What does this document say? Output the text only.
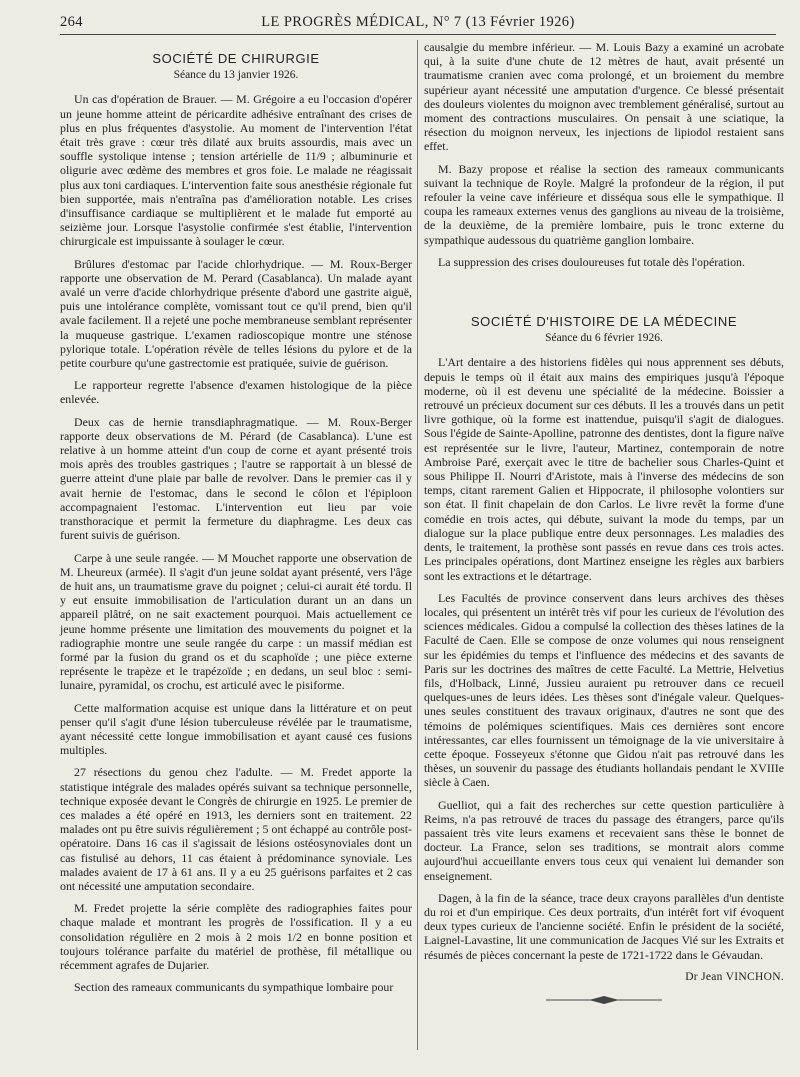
264	LE PROGRÈS MÉDICAL, N° 7 (13 Février 1926)
SOCIÉTÉ DE CHIRURGIE
Séance du 13 janvier 1926.

Un cas d'opération de Brauer. — M. Grégoire a eu l'occasion d'opérer un jeune homme atteint de péricardite adhésive entraînant des crises de plus en plus fréquentes d'asystolie. Au moment de l'intervention l'état était très grave : cœur très dilaté aux bruits assourdis, mais avec un souffle systolique intense ; tension artérielle de 11/9 ; albuminurie et oligurie avec œdème des membres et gros foie. Le malade ne réagissait plus aux toni cardiaques. L'intervention faite sous anesthésie régionale fut bien supportée, mais n'entraîna pas d'amélioration notable. Les crises d'insuffisance cardiaque se multiplièrent et le malade fut emporté au seizième jour. Lorsque l'asystolie confirmée s'est établie, l'intervention chirurgicale est impuissante à soulager le cœur.

Brûlures d'estomac par l'acide chlorhydrique. — M. Roux-Berger rapporte une observation de M. Perard (Casablanca). Un malade ayant avalé un verre d'acide chlorhydrique présente d'abord une gastrite aiguë, puis une intolérance complète, vomissant tout ce qu'il prend, bien qu'il avale facilement. Il a rejeté une poche membraneuse semblant représenter la muqueuse gastrique. L'examen radioscopique montre une sténose pylorique totale. L'opération révèle de telles lésions du pylore et de la petite courbure qu'une gastrectomie est pratiquée, suivie de guérison.

Le rapporteur regrette l'absence d'examen histologique de la pièce enlevée.

Deux cas de hernie transdiaphragmatique. — M. Roux-Berger rapporte deux observations de M. Pérard (de Casablanca). L'une est relative à un homme atteint d'un coup de corne et ayant présenté trois mois après des troubles gastriques ; l'autre se rapportait à un blessé de guerre atteint d'une plaie par balle de revolver. Dans le premier cas il y avait hernie de l'estomac, dans le second le côlon et l'épiploon accompagnaient l'estomac. L'intervention eut lieu par voie transthoracique et permit la fermeture du diaphragme. Les deux cas furent suivis de guérison.

Carpe à une seule rangée. — M Mouchet rapporte une observation de M. Lheureux (armée). Il s'agit d'un jeune soldat ayant présenté, vers l'âge de huit ans, un traumatisme grave du poignet ; celui-ci aurait été tordu. Il y eut ensuite immobilisation de l'articulation durant un an dans un appareil plâtré, on ne sait exactement pourquoi. Mais actuellement ce jeune homme présente une limitation des mouvements du poignet et la radiographie montre une seule rangée du carpe : un massif médian est formé par la fusion du grand os et du scaphoïde ; une pièce externe représente le trapèze et le trapézoïde ; en dedans, un seul bloc : semi-lunaire, pyramidal, os crochu, est articulé avec le pisiforme.

Cette malformation acquise est unique dans la littérature et on peut penser qu'il s'agit d'une lésion tuberculeuse révélée par le traumatisme, ayant nécessité cette longue immobilisation et ayant causé ces fusions multiples.

27 résections du genou chez l'adulte. — M. Fredet apporte la statistique intégrale des malades opérés suivant sa technique personnelle, technique exposée devant le Congrès de chirurgie en 1925. Le premier de ces malades a été opéré en 1913, les derniers sont en traitement. 22 malades ont pu être suivis régulièrement ; 5 ont échappé au contrôle post-opératoire. Dans 16 cas il s'agissait de lésions ostéosynoviales dont un cas fistulisé au dehors, 11 cas étaient à prédominance synoviale. Les malades avaient de 17 à 61 ans. Il y a eu 25 guérisons parfaites et 2 cas ont nécessité une amputation secondaire.

M. Fredet projette la série complète des radiographies faites pour chaque malade et montrant les progrès de l'ossification. Il y a eu consolidation régulière en 2 mois à 2 mois 1/2 en bonne position et toujours tolérance parfaite du matériel de prothèse, fil métallique ou récemment agrafes de Dujarier.

Section des rameaux communicants du sympathique lombaire pour

causalgie du membre inférieur. — M. Louis Bazy a examiné un acrobate qui, à la suite d'une chute de 12 mètres de haut, avait présenté un traumatisme cranien avec coma prolongé, et un broiement du membre supérieur ayant nécessité une amputation d'urgence. Ce blessé présentait des douleurs violentes du moignon avec tremblement généralisé, surtout au moment des contractions musculaires. On pensait à une sciatique, la résection du moignon nerveux, les injections de lipiodol restaient sans effet.

M. Bazy propose et réalise la section des rameaux communicants suivant la technique de Royle. Malgré la profondeur de la région, il put refouler la veine cave inférieure et disséqua sous elle le sympathique. Il coupa les rameaux externes venus des ganglions au niveau de la troisième, de la deuxième, de la première lombaire, puis le tronc externe du sympathique audessous du quatrième ganglion lombaire.

La suppression des crises douloureuses fut totale dès l'opération.

SOCIÉTÉ D'HISTOIRE DE LA MÉDECINE
Séance du 6 février 1926.

L'Art dentaire a des historiens fidèles qui nous apprennent ses débuts, depuis le temps où il était aux mains des empiriques jusqu'à l'époque moderne, où il est devenu une spécialité de la médecine. Boissier a retrouvé un précieux document sur ces débuts. Il les a trouvés dans un petit livre gothique, où la forme est inattendue, puisqu'il s'agit de dialogues. Sous l'égide de Sainte-Apolline, patronne des dentistes, dont la figure naïve est représentée sur le livre, l'auteur, Martinez, contemporain de notre Ambroise Paré, exerçait avec le titre de bachelier sous Charles-Quint et sous Philippe II. Nourri d'Aristote, mais à l'inverse des médecins de son temps, citant rarement Galien et Hippocrate, il philosophe volontiers sur son état. Il finit chapelain de don Carlos. Le livre revêt la forme d'une comédie en trois actes, qui débute, suivant la mode du temps, par un dialogue sur la place publique entre deux personnages. Les maladies des dents, le traitement, la prothèse sont passés en revue dans ces trois actes. Les principales opérations, dont Martinez enseigne les règles aux barbiers sont les extractions et le détartrage.

Les Facultés de province conservent dans leurs archives des thèses locales, qui présentent un intérêt très vif pour les curieux de l'évolution des sciences médicales. Gidou a compulsé la collection des thèses latines de la Faculté de Caen. Elle se compose de onze volumes qui nous renseignent sur les épidémies du temps et l'influence des médecins et des savants de Paris sur les doctrines des maîtres de cette Faculté. La Mettrie, Helvetius fils, d'Holback, Linné, Jussieu auraient pu retrouver dans ce recueil quelques-unes de leurs idées. Les thèses sont d'inégale valeur. Quelques-unes seules constituent des travaux originaux, d'autres ne sont que des témoins de polémiques scientifiques. Mais ces dernières sont encore intéressantes, car elles fournissent un témoignage de la vie universitaire à cette époque. Fosseyeux s'étonne que Gidou n'ait pas retrouvé dans les thèses, un souvenir du passage des étudiants hollandais pendant le XVIIIe siècle à Caen.

Guelliot, qui a fait des recherches sur cette question particulière à Reims, n'a pas retrouvé de traces du passage des étrangers, parce qu'ils passaient très vite leurs examens et recevaient sans thèse le bonnet de docteur. La France, selon ses traditions, se montrait alors comme aujourd'hui accueillante envers tous ceux qui venaient lui demander son enseignement.

Dagen, à la fin de la séance, trace deux crayons parallèles d'un dentiste du roi et d'un empirique. Ces deux portraits, d'un intérêt fort vif évoquent deux types curieux de l'ancienne société. Enfin le président de la société, Laignel-Lavastine, lit une communication de Jacques Vié sur les Extraits et résumés de pièces concernant la peste de 1721-1722 dans le Gévaudan.

Dr Jean VINCHON.
